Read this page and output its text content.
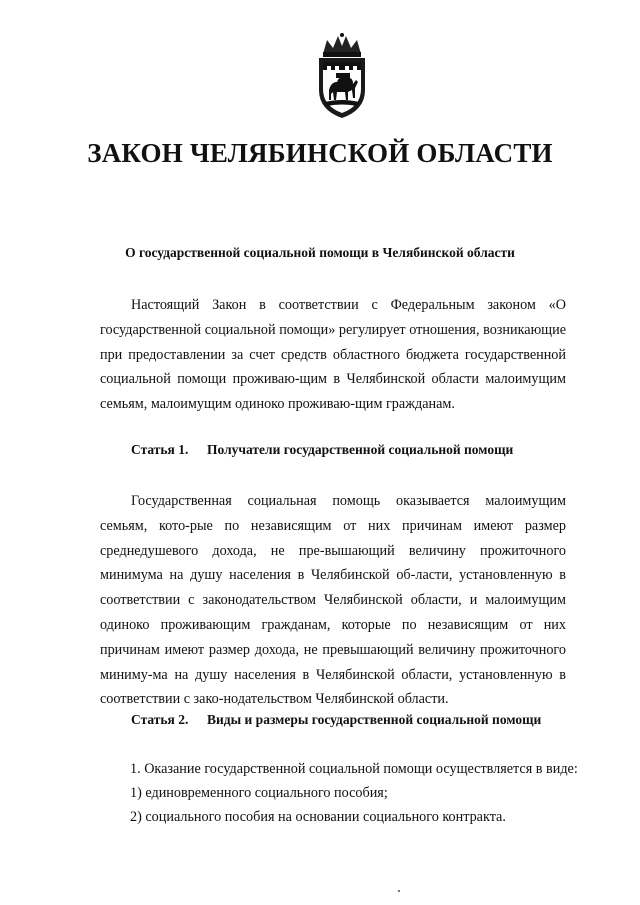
ЗАКОН ЧЕЛЯБИНСКОЙ ОБЛАСТИ
О государственной социальной помощи в Челябинской области

Настоящий Закон в соответствии с Федеральным законом «О государственной социальной помощи» регулирует отношения, возникающие при предоставлении за счет средств областного бюджета государственной социальной помощи проживаю-щим в Челябинской области малоимущим семьям, малоимущим одиноко проживаю-щим гражданам.

Статья 1. Получатели государственной социальной помощи

Государственная социальная помощь оказывается малоимущим семьям, кото-рые по независящим от них причинам имеют размер среднедушевого дохода, не пре-вышающий величину прожиточного минимума на душу населения в Челябинской об-ласти, установленную в соответствии с законодательством Челябинской области, и малоимущим одиноко проживающим гражданам, которые по независящим от них причинам имеют размер дохода, не превышающий величину прожиточного миниму-ма на душу населения в Челябинской области, установленную в соответствии с зако-нодательством Челябинской области.

Статья 2. Виды и размеры государственной социальной помощи
1. Оказание государственной социальной помощи осуществляется в виде:
1) единовременного социального пособия;
2) социального пособия на основании социального контракта.
